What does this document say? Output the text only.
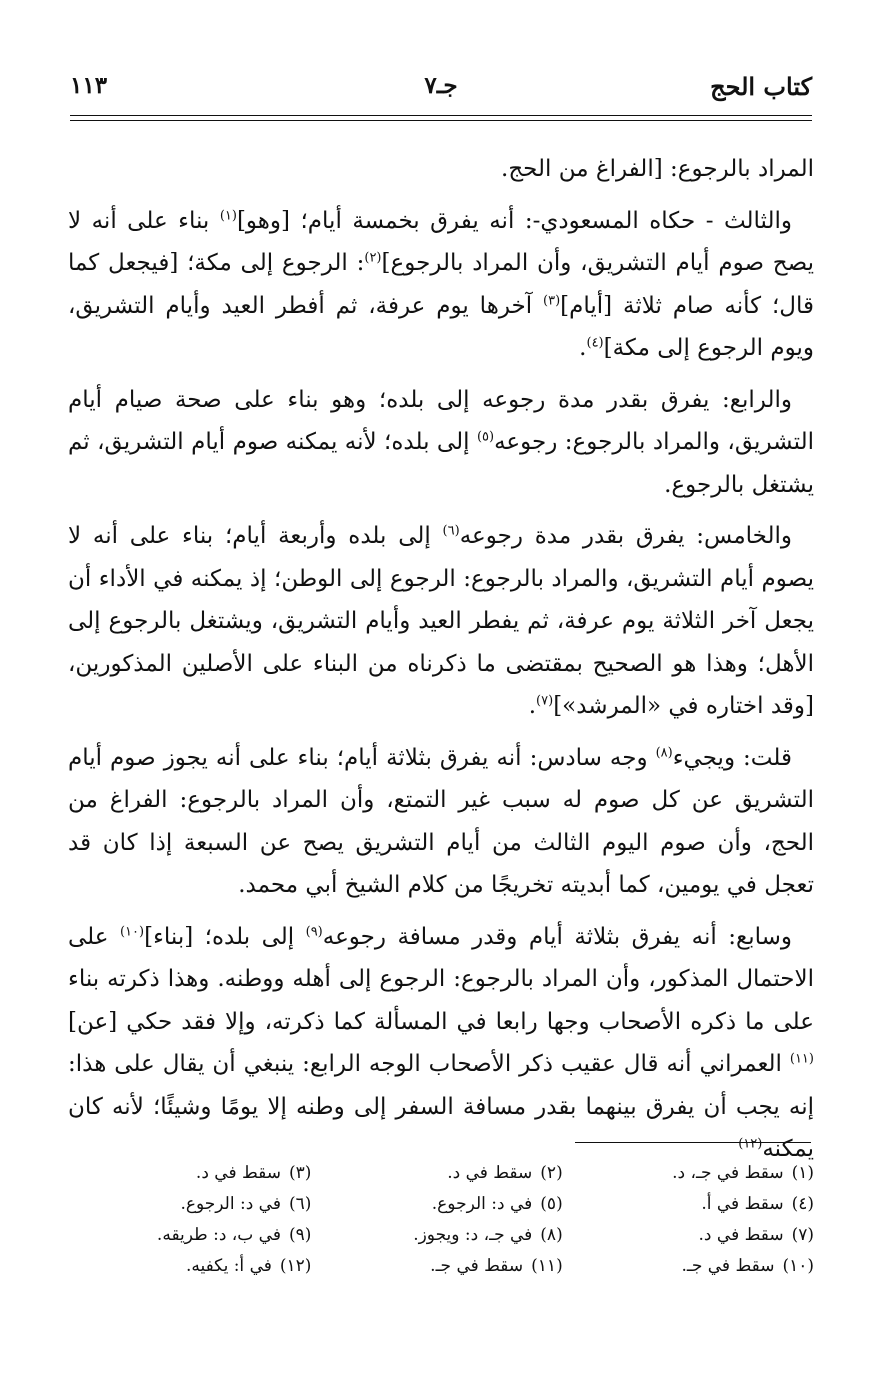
كتاب الحج
جـ٧
١١٣

المراد بالرجوع: [الفراغ من الحج.

والثالث - حكاه المسعودي-: أنه يفرق بخمسة أيام؛ [وهو]$^{(١)}$ بناء على أنه لا يصح صوم أيام التشريق، وأن المراد بالرجوع]$^{(٢)}$: الرجوع إلى مكة؛ [فيجعل كما قال؛ كأنه صام ثلاثة [أيام]$^{(٣)}$ آخرها يوم عرفة، ثم أفطر العيد وأيام التشريق، ويوم الرجوع إلى مكة]$^{(٤)}$.

والرابع: يفرق بقدر مدة رجوعه إلى بلده؛ وهو بناء على صحة صيام أيام التشريق، والمراد بالرجوع: رجوعه$^{(٥)}$ إلى بلده؛ لأنه يمكنه صوم أيام التشريق، ثم يشتغل بالرجوع.

والخامس: يفرق بقدر مدة رجوعه$^{(٦)}$ إلى بلده وأربعة أيام؛ بناء على أنه لا يصوم أيام التشريق، والمراد بالرجوع: الرجوع إلى الوطن؛ إذ يمكنه في الأداء أن يجعل آخر الثلاثة يوم عرفة، ثم يفطر العيد وأيام التشريق، ويشتغل بالرجوع إلى الأهل؛ وهذا هو الصحيح بمقتضى ما ذكرناه من البناء على الأصلين المذكورين، [وقد اختاره في «المرشد»]$^{(٧)}$.

قلت: ويجيء$^{(٨)}$ وجه سادس: أنه يفرق بثلاثة أيام؛ بناء على أنه يجوز صوم أيام التشريق عن كل صوم له سبب غير التمتع، وأن المراد بالرجوع: الفراغ من الحج، وأن صوم اليوم الثالث من أيام التشريق يصح عن السبعة إذا كان قد تعجل في يومين، كما أبديته تخريجًا من كلام الشيخ أبي محمد.

وسابع: أنه يفرق بثلاثة أيام وقدر مسافة رجوعه$^{(٩)}$ إلى بلده؛ [بناء]$^{(١٠)}$ على الاحتمال المذكور، وأن المراد بالرجوع: الرجوع إلى أهله ووطنه. وهذا ذكرته بناء على ما ذكره الأصحاب وجها رابعا في المسألة كما ذكرته، وإلا فقد حكي [عن]$^{(١١)}$ العمراني أنه قال عقيب ذكر الأصحاب الوجه الرابع: ينبغي أن يقال على هذا: إنه يجب أن يفرق بينهما بقدر مسافة السفر إلى وطنه إلا يومًا وشيئًا؛ لأنه كان يمكنه$^{(١٢)}$

(١)سقط في جـ، د.
(٢)سقط في د.
(٣)سقط في د.
(٤)سقط في أ.
(٥)في د: الرجوع.
(٦)في د: الرجوع.
(٧)سقط في د.
(٨)في جـ، د: ويجوز.
(٩)في ب، د: طريقه.
(١٠)سقط في جـ.
(١١)سقط في جـ.
(١٢)في أ: يكفيه.
